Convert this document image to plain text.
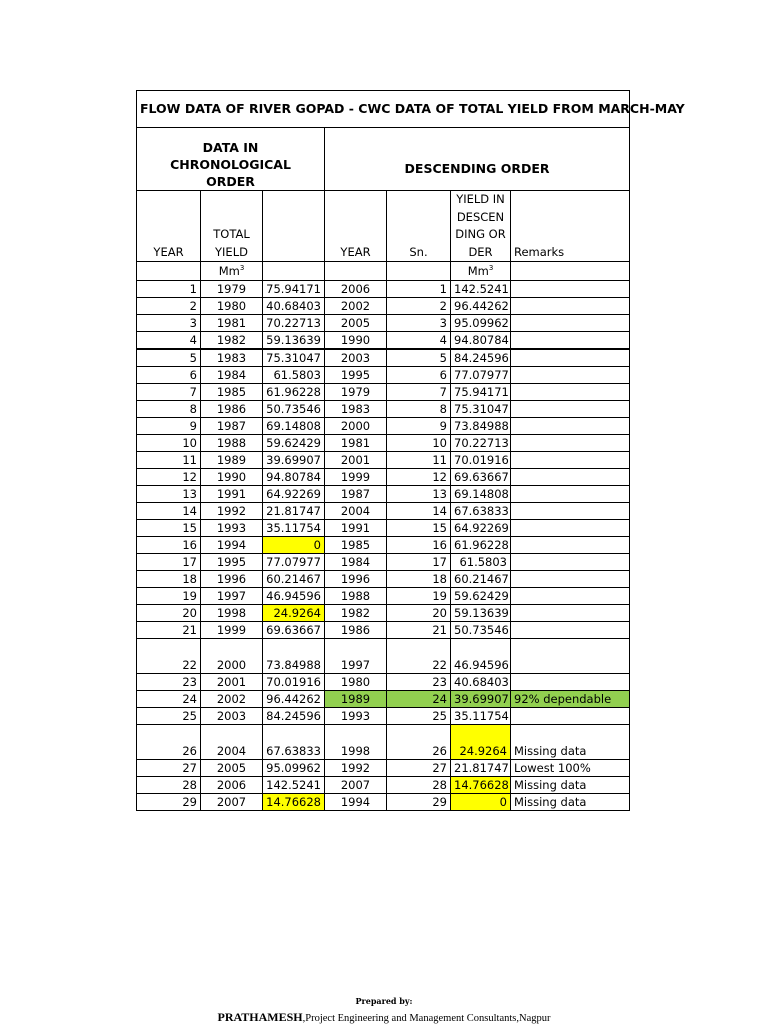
FLOW DATA OF RIVER GOPAD - CWC DATA OF TOTAL YIELD FROM MARCH-MAY						
DATA IN CHRONOLOGICAL ORDER			DESCENDING ORDER			
YEAR	TOTAL YIELD		YEAR	Sn.	YIELD IN DESCENDING ORDER	Remarks
	Mm$^3$				Mm$^3$	
1	1979	75.94171	2006	1	142.5241	
2	1980	40.68403	2002	2	96.44262	
3	1981	70.22713	2005	3	95.09962	
4	1982	59.13639	1990	4	94.80784	
5	1983	75.31047	2003	5	84.24596	
6	1984	61.5803	1995	6	77.07977	
7	1985	61.96228	1979	7	75.94171	
8	1986	50.73546	1983	8	75.31047	
9	1987	69.14808	2000	9	73.84988	
10	1988	59.62429	1981	10	70.22713	
11	1989	39.69907	2001	11	70.01916	
12	1990	94.80784	1999	12	69.63667	
13	1991	64.92269	1987	13	69.14808	
14	1992	21.81747	2004	14	67.63833	
15	1993	35.11754	1991	15	64.92269	
16	1994	0	1985	16	61.96228	
17	1995	77.07977	1984	17	61.5803	
18	1996	60.21467	1996	18	60.21467	
19	1997	46.94596	1988	19	59.62429	
20	1998	24.9264	1982	20	59.13639	
21	1999	69.63667	1986	21	50.73546	
22	2000	73.84988	1997	22	46.94596	
23	2001	70.01916	1980	23	40.68403	
24	2002	96.44262	1989	24	39.69907	92% dependable
25	2003	84.24596	1993	25	35.11754	
26	2004	67.63833	1998	26	24.9264	Missing data
27	2005	95.09962	1992	27	21.81747	Lowest 100%
28	2006	142.5241	2007	28	14.76628	Missing data
29	2007	14.76628	1994	29	0	Missing data
Prepared by:
PRATHAMESH,Project Engineering and Management Consultants,Nagpur
